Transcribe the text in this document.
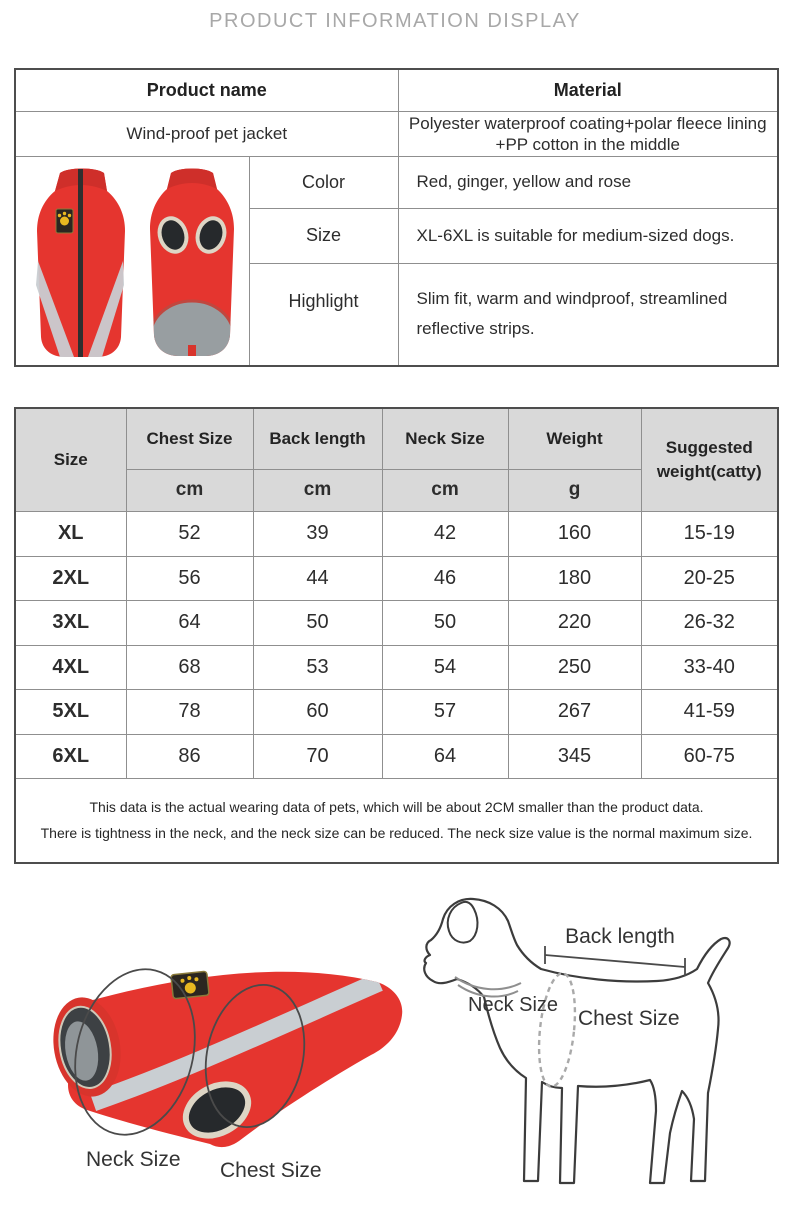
PRODUCT INFORMATION DISPLAY
Product name		Material
Wind-proof pet jacket		Polyester waterproof coating+polar fleece lining +PP cotton in the middle

	Color	Red, ginger, yellow and rose
	Size	XL-6XL is suitable for medium-sized dogs.
	Highlight	Slim fit, warm and windproof, streamlined reflective strips.
Size	Chest Size	Back length	Neck Size	Weight	Suggested weight(catty)
	cm	cm	cm	g	
XL	52	39	42	160	15-19
2XL	56	44	46	180	20-25
3XL	64	50	50	220	26-32
4XL	68	53	54	250	33-40
5XL	78	60	57	267	41-59
6XL	86	70	64	345	60-75

This data is the actual wearing data of pets, which will be about 2CM smaller than the product data.

There is tightness in the neck, and the neck size can be reduced. The neck size value is the normal maximum size.					

Back length
Neck Size
Chest Size
Neck Size Chest Size
